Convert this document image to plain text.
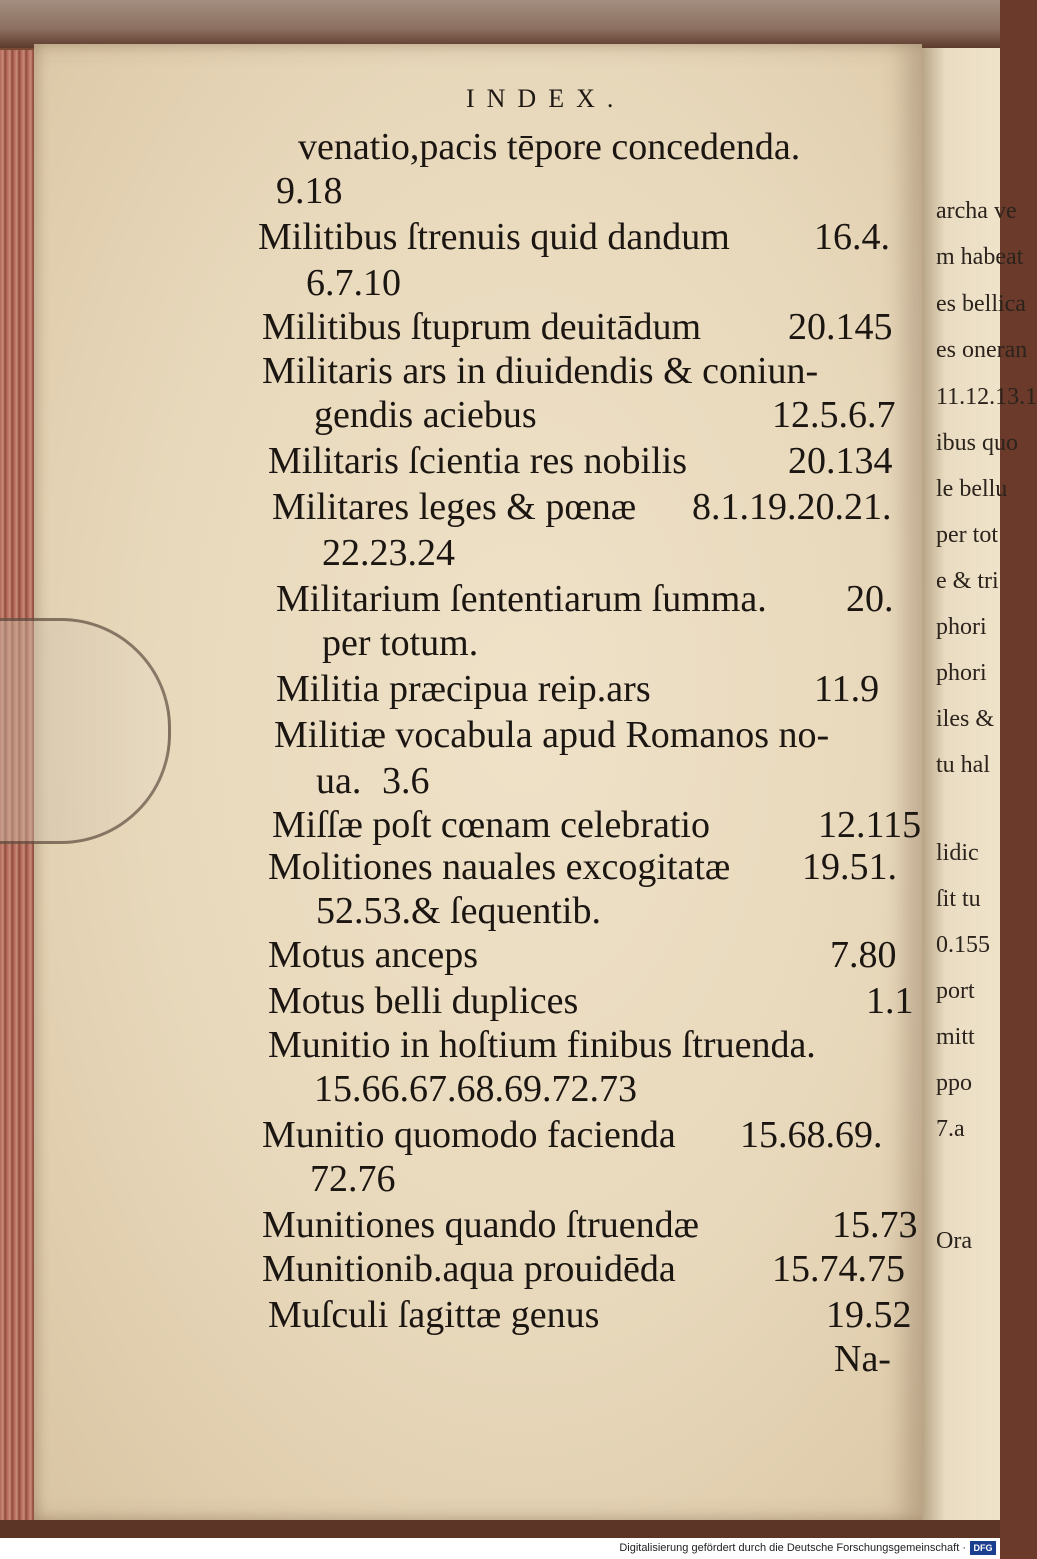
archa ve
m habeat
es bellica
es oneran
11.12.13.1
ibus quo
le bellu
per tot
e & tri
phori
phori
iles &
tu hal
lidic
ſit tu
0.155
port
mitt
ppo
7.a
Ora
INDEX.
venatio,pacis tēpore concedenda.
9.18
Militibus ſtrenuis quid dandum 16.4.
6.7.10
Militibus ſtuprum deuitādum 20.145
Militaris ars in diuidendis & coniun-
gendis aciebus	12.5.6.7
Militaris ſcientia res nobilis	20.134
Militares leges & pœnæ 8.1.19.20.21.
22.23.24
Militarium ſententiarum ſumma. 20.
per totum.
Militia præcipua reip.ars	11.9
Militiæ vocabula apud Romanos no-
ua. 3.6
Miſſæ poſt cœnam celebratio	12.115
Molitiones nauales excogitatæ 19.51.
52.53.& ſequentib.
Motus anceps	7.80
Motus belli duplices	1.1
Munitio in hoſtium finibus ſtruenda.
15.66.67.68.69.72.73
Munitio quomodo facienda 15.68.69.
72.76
Munitiones quando ſtruendæ	15.73
Munitionib.aqua prouidēda	15.74.75
Muſculi ſagittæ genus	19.52
Na-
Digitalisierung gefördert durch die Deutsche Forschungsgemeinschaft · DFG
